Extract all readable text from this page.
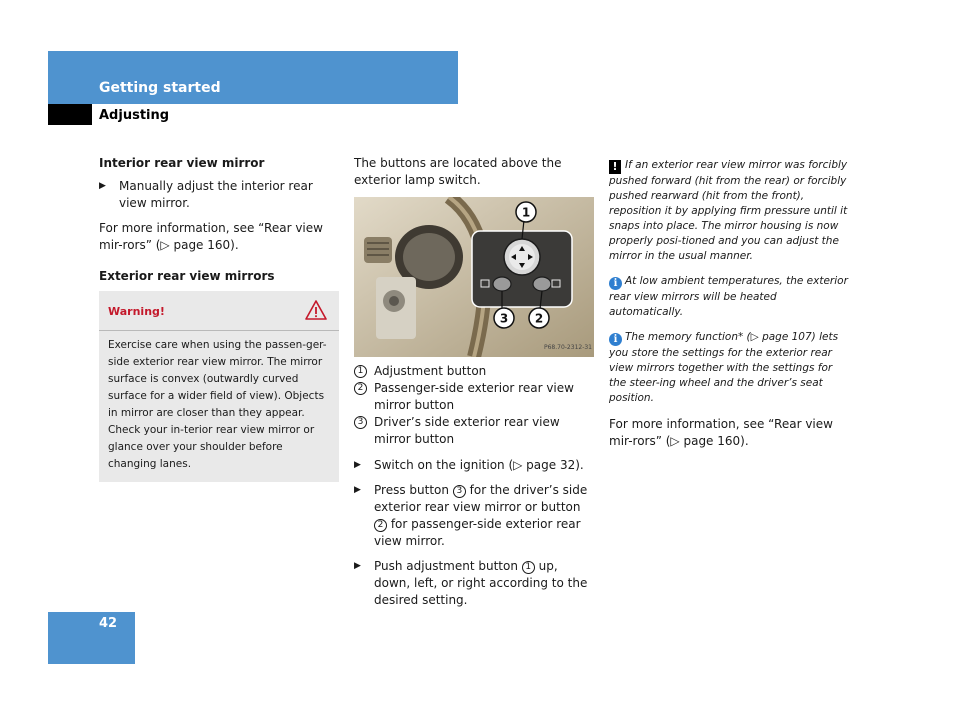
Getting started
Adjusting
Interior rear view mirror
▶ Manually adjust the interior rear view mirror.
For more information, see “Rear view mir-rors” (▷ page 160).
Exterior rear view mirrors
Warning!
Exercise care when using the passen-ger-side exterior rear view mirror. The mirror surface is convex (outwardly curved surface for a wider field of view). Objects in mirror are closer than they appear. Check your in-terior rear view mirror or glance over your shoulder before changing lanes.
The buttons are located above the exterior lamp switch.
1
3 2
P68.70-2312-31
1 Adjustment button
2 Passenger-side exterior rear view mirror button
3 Driver’s side exterior rear view mirror button
▶ Switch on the ignition (▷ page 32).
▶ Press button 3 for the driver’s side exterior rear view mirror or button 2 for passenger-side exterior rear view mirror.
▶ Push adjustment button 1 up, down, left, or right according to the desired setting.
! If an exterior rear view mirror was forcibly pushed forward (hit from the rear) or forcibly pushed rearward (hit from the front), reposition it by applying firm pressure until it snaps into place. The mirror housing is now properly posi-tioned and you can adjust the mirror in the usual manner.
i At low ambient temperatures, the exterior rear view mirrors will be heated automatically.
i The memory function* (▷ page 107) lets you store the settings for the exterior rear view mirrors together with the settings for the steer-ing wheel and the driver’s seat position.
For more information, see “Rear view mir-rors” (▷ page 160).
42
